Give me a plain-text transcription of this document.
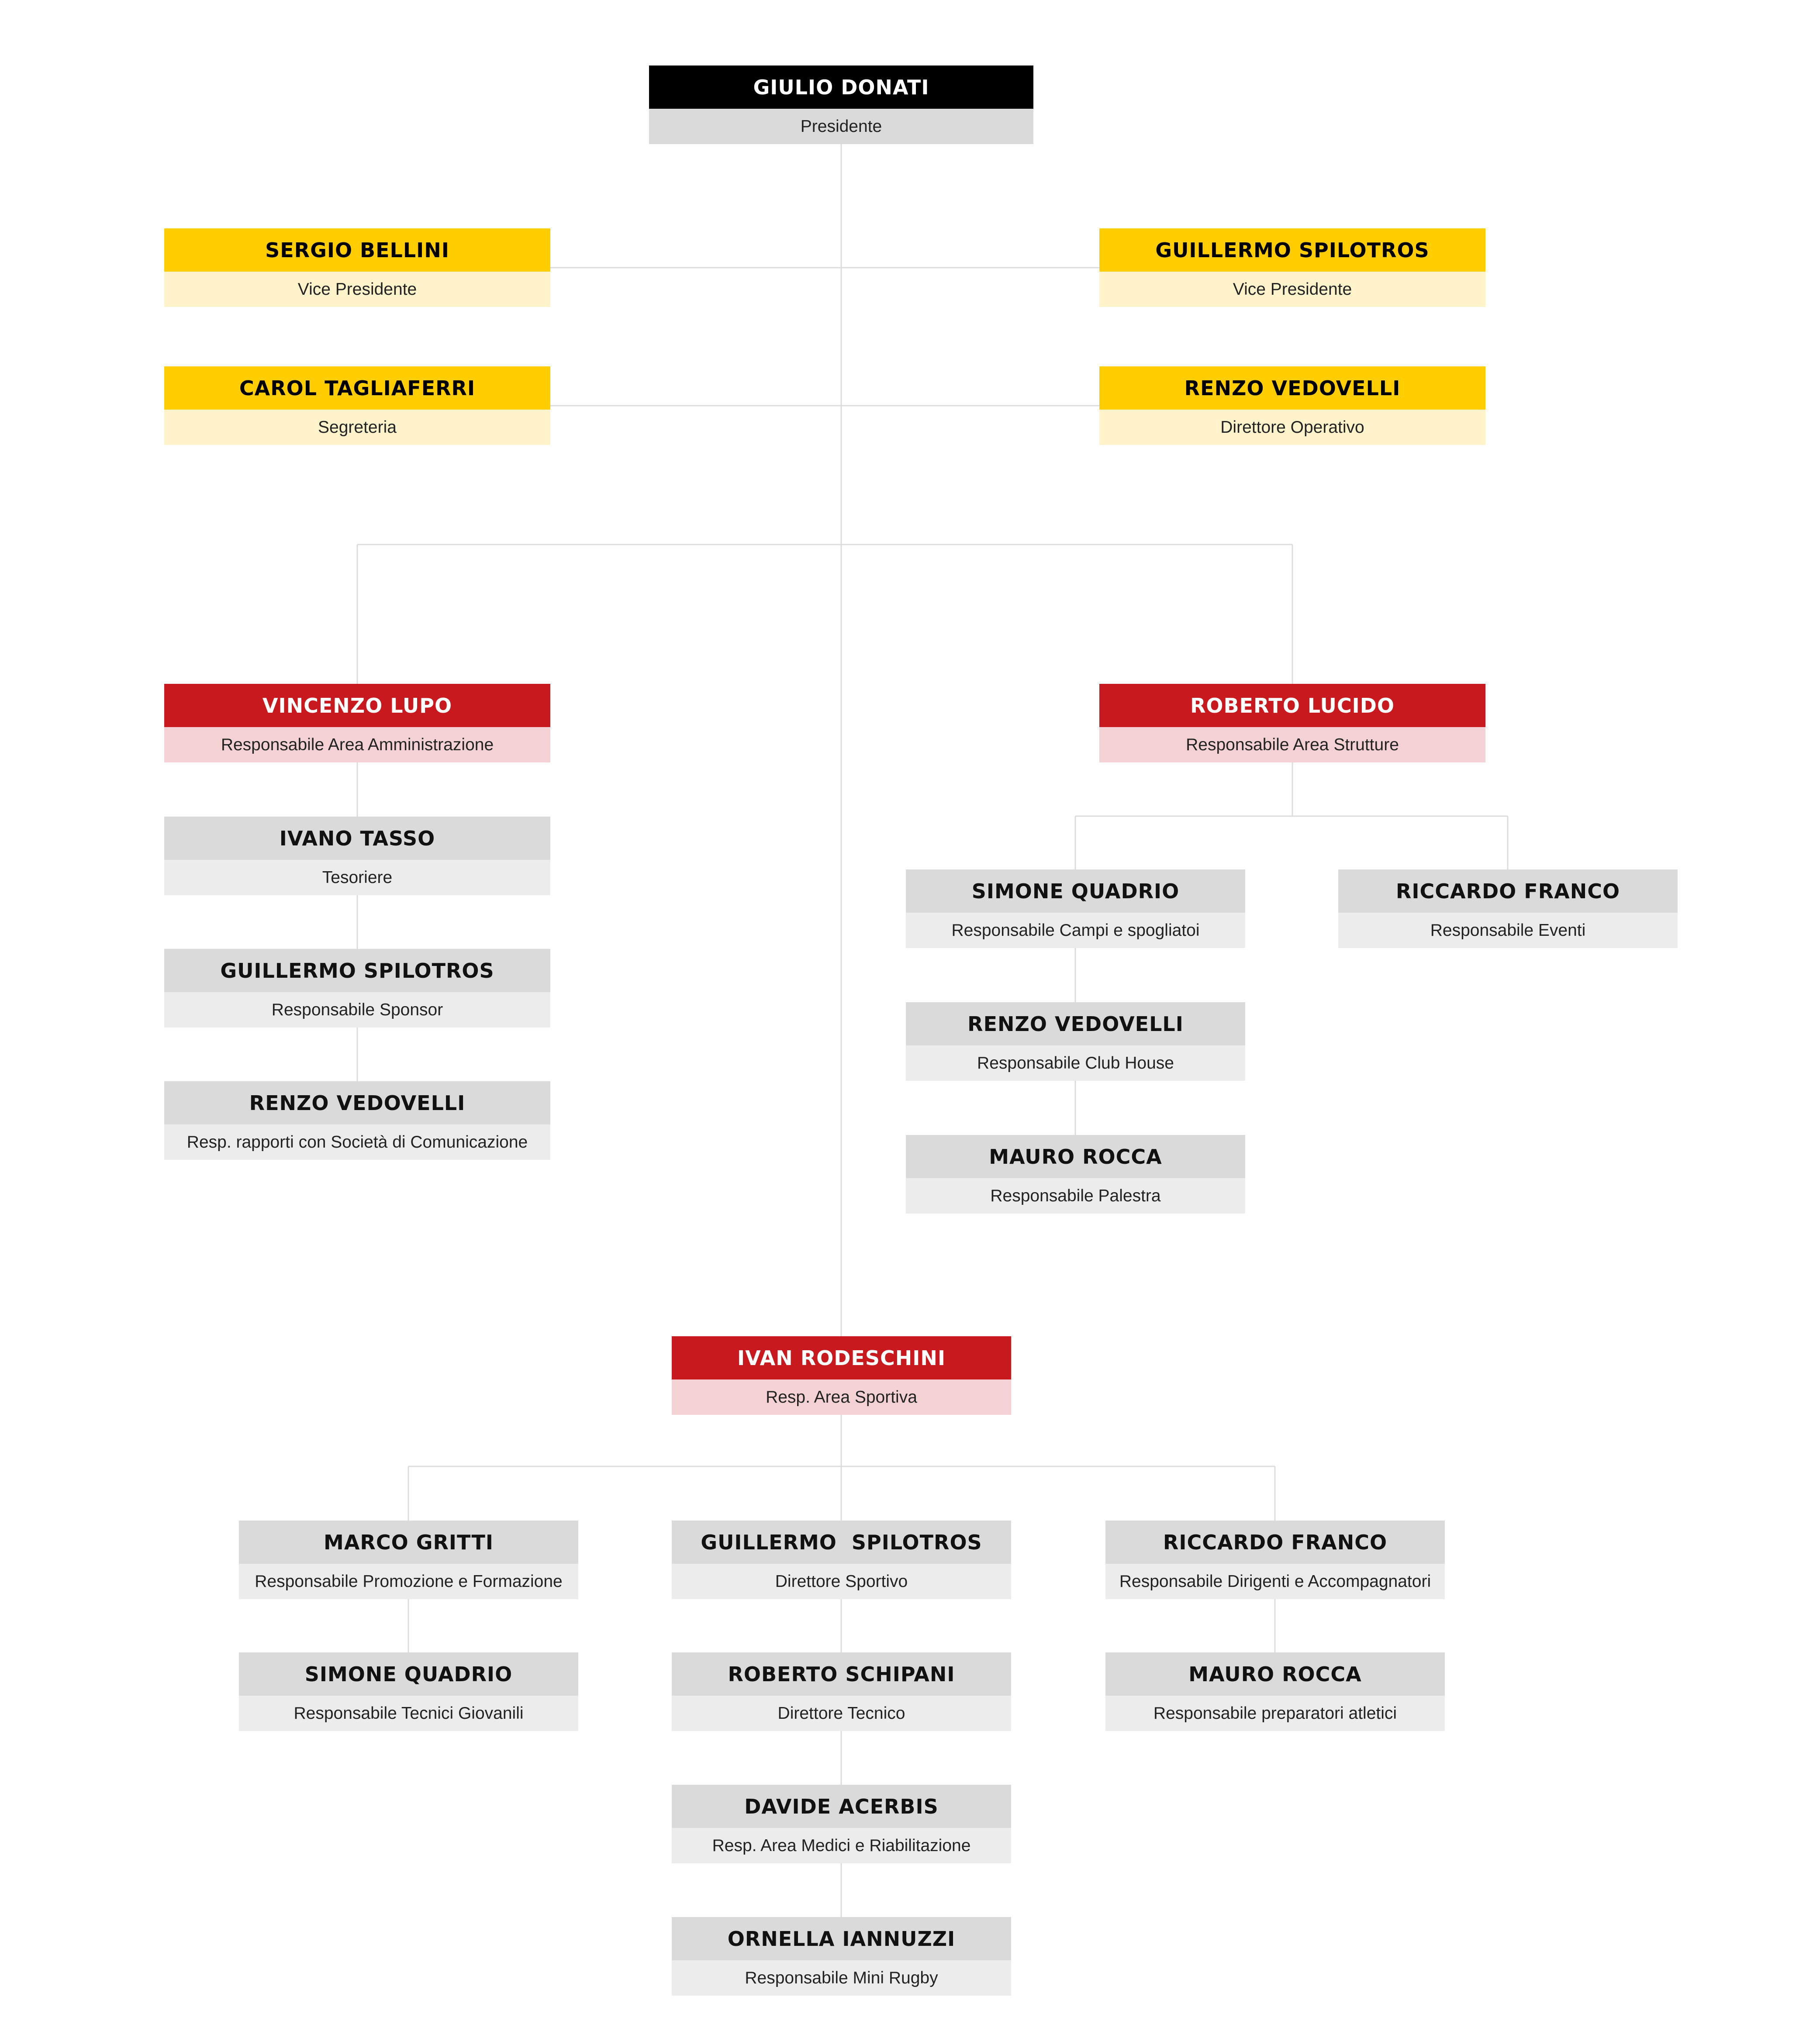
GIULIO DONATI
Presidente
SERGIO BELLINI
Vice Presidente
GUILLERMO SPILOTROS
Vice Presidente
CAROL TAGLIAFERRI
Segreteria
RENZO VEDOVELLI
Direttore Operativo
VINCENZO LUPO
Responsabile Area Amministrazione
ROBERTO LUCIDO
Responsabile Area Strutture
IVANO TASSO
Tesoriere
GUILLERMO SPILOTROS
Responsabile Sponsor
RENZO VEDOVELLI
Resp. rapporti con Società di Comunicazione
SIMONE QUADRIO
Responsabile Campi e spogliatoi
RICCARDO FRANCO
Responsabile Eventi
RENZO VEDOVELLI
Responsabile Club House
MAURO ROCCA
Responsabile Palestra
IVAN RODESCHINI
Resp. Area Sportiva
MARCO GRITTI
Responsabile Promozione e Formazione
GUILLERMO  SPILOTROS
Direttore Sportivo
RICCARDO FRANCO
Responsabile Dirigenti e Accompagnatori
SIMONE QUADRIO
Responsabile Tecnici Giovanili
ROBERTO SCHIPANI
Direttore Tecnico
MAURO ROCCA
Responsabile preparatori atletici
DAVIDE ACERBIS
Resp. Area Medici e Riabilitazione
ORNELLA IANNUZZI
Responsabile Mini Rugby
